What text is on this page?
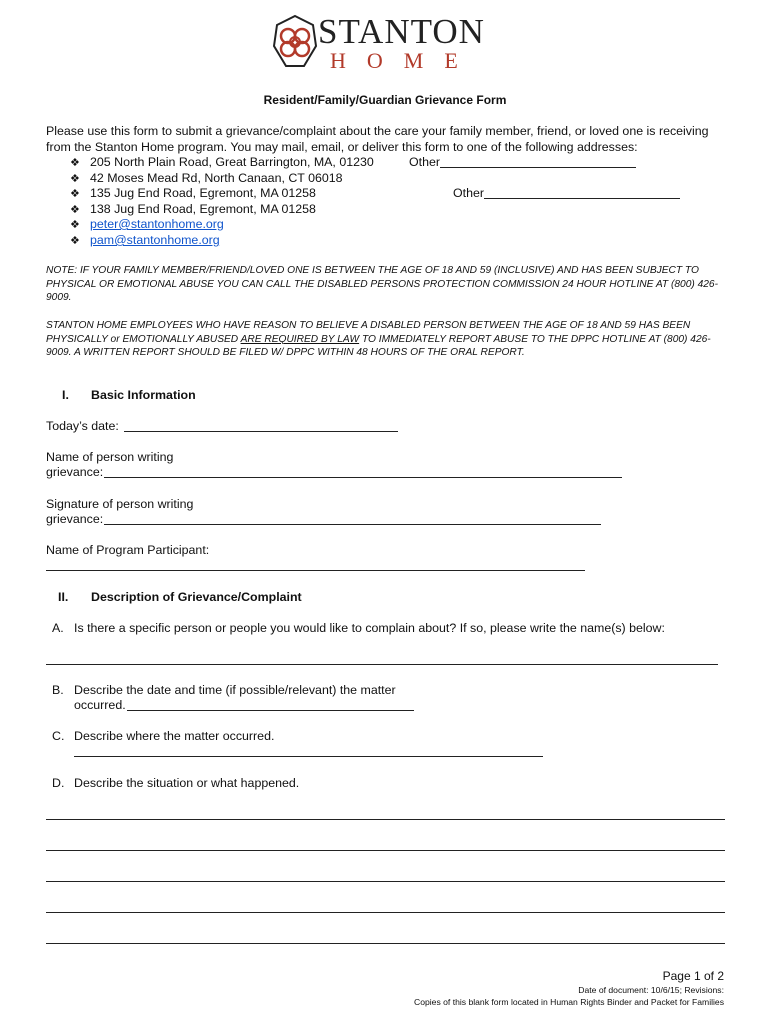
STANTON
HOME
Resident/Family/Guardian Grievance Form
Please use this form to submit a grievance/complaint about the care your family member, friend, or loved one is receiving from the Stanton Home program. You may mail, email, or deliver this form to one of the following addresses:
❖ 205 North Plain Road, Great Barrington, MA, 01230
❖ 42 Moses Mead Rd, North Canaan, CT 06018
❖ 135 Jug End Road, Egremont, MA 01258
❖ 138 Jug End Road, Egremont, MA 01258
❖ peter@stantonhome.org
❖ pam@stantonhome.org
Other
Other
NOTE: IF YOUR FAMILY MEMBER/FRIEND/LOVED ONE IS BETWEEN THE AGE OF 18 AND 59 (INCLUSIVE) AND HAS BEEN SUBJECT TO PHYSICAL OR EMOTIONAL ABUSE YOU CAN CALL THE DISABLED PERSONS PROTECTION COMMISSION 24 HOUR HOTLINE AT (800) 426-9009.
STANTON HOME EMPLOYEES WHO HAVE REASON TO BELIEVE A DISABLED PERSON BETWEEN THE AGE OF 18 AND 59 HAS BEEN PHYSICALLY or EMOTIONALLY ABUSED ARE REQUIRED BY LAW TO IMMEDIATELY REPORT ABUSE TO THE DPPC HOTLINE AT (800) 426-9009. A WRITTEN REPORT SHOULD BE FILED W/ DPPC WITHIN 48 HOURS OF THE ORAL REPORT.
I. Basic Information
Today’s date:
Name of person writing
grievance:
Signature of person writing
grievance:
Name of Program Participant:
II. Description of Grievance/Complaint
A. Is there a specific person or people you would like to complain about? If so, please write the name(s) below:
B. Describe the date and time (if possible/relevant) the matter
occurred.
C. Describe where the matter occurred.
D. Describe the situation or what happened.
Page 1 of 2
Date of document: 10/6/15; Revisions:
Copies of this blank form located in Human Rights Binder and Packet for Families
